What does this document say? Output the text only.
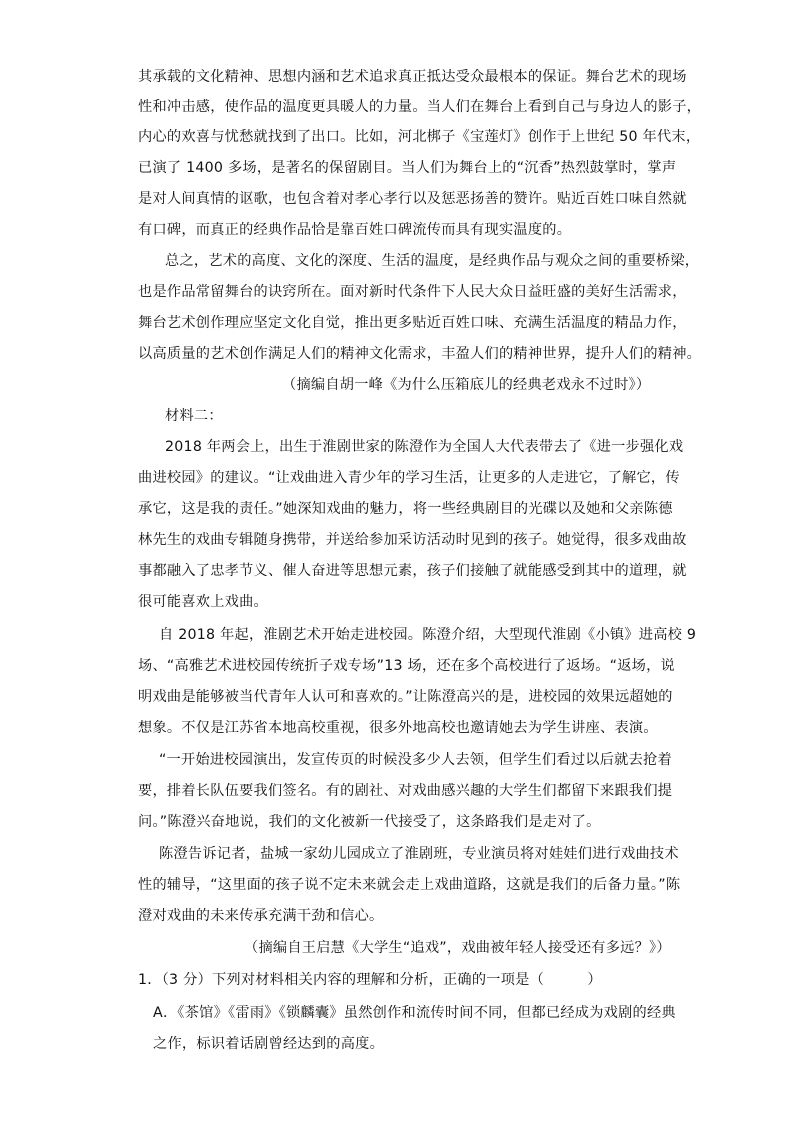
其承载的文化精神、思想内涵和艺术追求真正抵达受众最根本的保证。舞台艺术的现场
性和冲击感，使作品的温度更具暖人的力量。当人们在舞台上看到自己与身边人的影子，
内心的欢喜与忧愁就找到了出口。比如，河北梆子《宝莲灯》创作于上世纪 50 年代末，
已演了 1400 多场，是著名的保留剧目。当人们为舞台上的“沉香”热烈鼓掌时，掌声
是对人间真情的讴歌，也包含着对孝心孝行以及惩恶扬善的赞许。贴近百姓口味自然就
有口碑，而真正的经典作品恰是靠百姓口碑流传而具有现实温度的。
总之，艺术的高度、文化的深度、生活的温度，是经典作品与观众之间的重要桥梁，
也是作品常留舞台的诀窍所在。面对新时代条件下人民大众日益旺盛的美好生活需求，
舞台艺术创作理应坚定文化自觉，推出更多贴近百姓口味、充满生活温度的精品力作，
以高质量的艺术创作满足人们的精神文化需求，丰盈人们的精神世界，提升人们的精神。
（摘编自胡一峰《为什么压箱底儿的经典老戏永不过时》）
材料二：
2018 年两会上，出生于淮剧世家的陈澄作为全国人大代表带去了《进一步强化戏
曲进校园》的建议。“让戏曲进入青少年的学习生活，让更多的人走进它，了解它，传
承它，这是我的责任。”她深知戏曲的魅力，将一些经典剧目的光碟以及她和父亲陈德
林先生的戏曲专辑随身携带，并送给参加采访活动时见到的孩子。她觉得，很多戏曲故
事都融入了忠孝节义、催人奋进等思想元素，孩子们接触了就能感受到其中的道理，就
很可能喜欢上戏曲。
自 2018 年起，淮剧艺术开始走进校园。陈澄介绍，大型现代淮剧《小镇》进高校 9
场、“高雅艺术进校园传统折子戏专场”13 场，还在多个高校进行了返场。“返场，说
明戏曲是能够被当代青年人认可和喜欢的。”让陈澄高兴的是，进校园的效果远超她的
想象。不仅是江苏省本地高校重视，很多外地高校也邀请她去为学生讲座、表演。
“一开始进校园演出，发宣传页的时候没多少人去领，但学生们看过以后就去抢着
要，排着长队伍要我们签名。有的剧社、对戏曲感兴趣的大学生们都留下来跟我们提
问。”陈澄兴奋地说，我们的文化被新一代接受了，这条路我们是走对了。
陈澄告诉记者，盐城一家幼儿园成立了淮剧班，专业演员将对娃娃们进行戏曲技术
性的辅导，“这里面的孩子说不定未来就会走上戏曲道路，这就是我们的后备力量。”陈
澄对戏曲的未来传承充满干劲和信心。
（摘编自王启慧《大学生“追戏”，戏曲被年轻人接受还有多远？》）
1．（3 分）下列对材料相关内容的理解和分析，正确的一项是（　　　）
A．《茶馆》《雷雨》《锁麟囊》虽然创作和流传时间不同，但都已经成为戏剧的经典
之作，标识着话剧曾经达到的高度。
